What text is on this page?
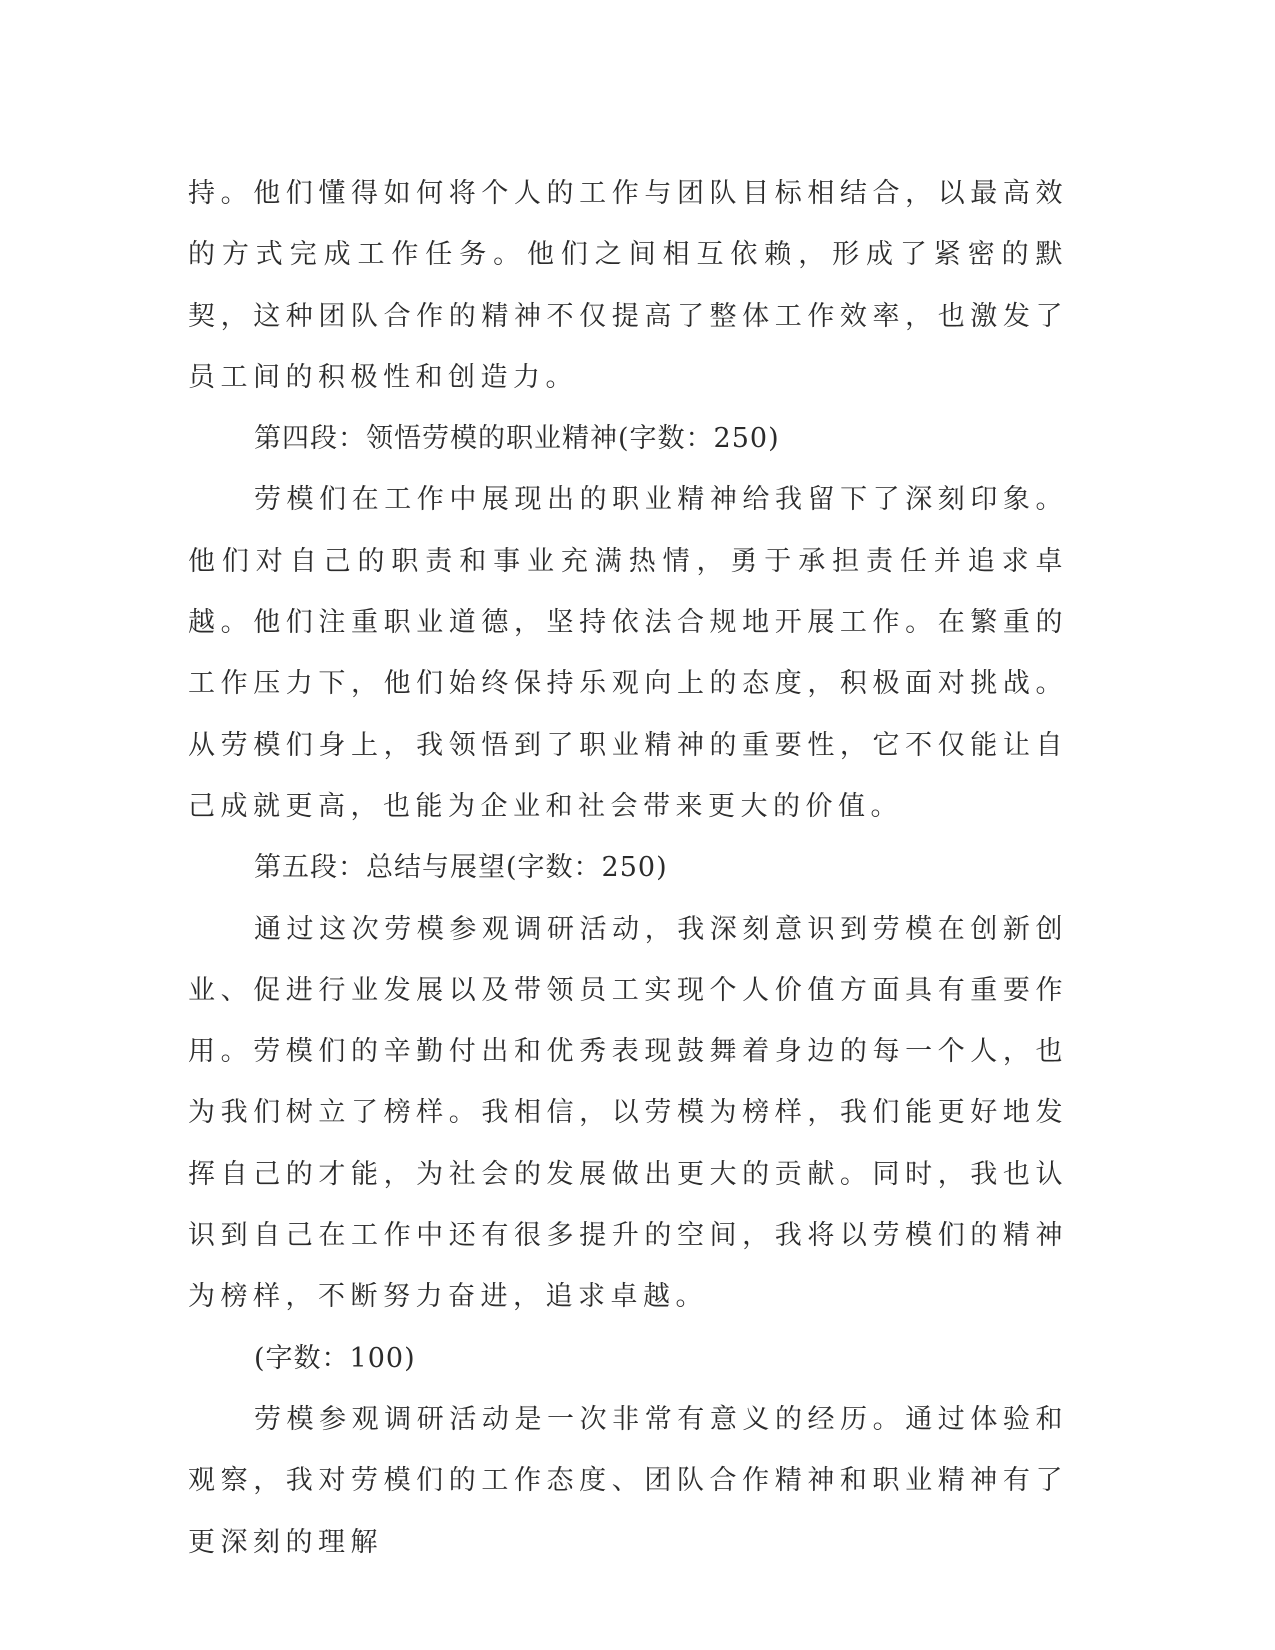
持。他们懂得如何将个人的工作与团队目标相结合，以最高效的方式完成工作任务。他们之间相互依赖，形成了紧密的默契，这种团队合作的精神不仅提高了整体工作效率，也激发了员工间的积极性和创造力。

第四段：领悟劳模的职业精神(字数：250)

劳模们在工作中展现出的职业精神给我留下了深刻印象。他们对自己的职责和事业充满热情，勇于承担责任并追求卓越。他们注重职业道德，坚持依法合规地开展工作。在繁重的工作压力下，他们始终保持乐观向上的态度，积极面对挑战。从劳模们身上，我领悟到了职业精神的重要性，它不仅能让自己成就更高，也能为企业和社会带来更大的价值。

第五段：总结与展望(字数：250)

通过这次劳模参观调研活动，我深刻意识到劳模在创新创业、促进行业发展以及带领员工实现个人价值方面具有重要作用。劳模们的辛勤付出和优秀表现鼓舞着身边的每一个人，也为我们树立了榜样。我相信，以劳模为榜样，我们能更好地发挥自己的才能，为社会的发展做出更大的贡献。同时，我也认识到自己在工作中还有很多提升的空间，我将以劳模们的精神为榜样，不断努力奋进，追求卓越。

(字数：100)

劳模参观调研活动是一次非常有意义的经历。通过体验和观察，我对劳模们的工作态度、团队合作精神和职业精神有了更深刻的理解
